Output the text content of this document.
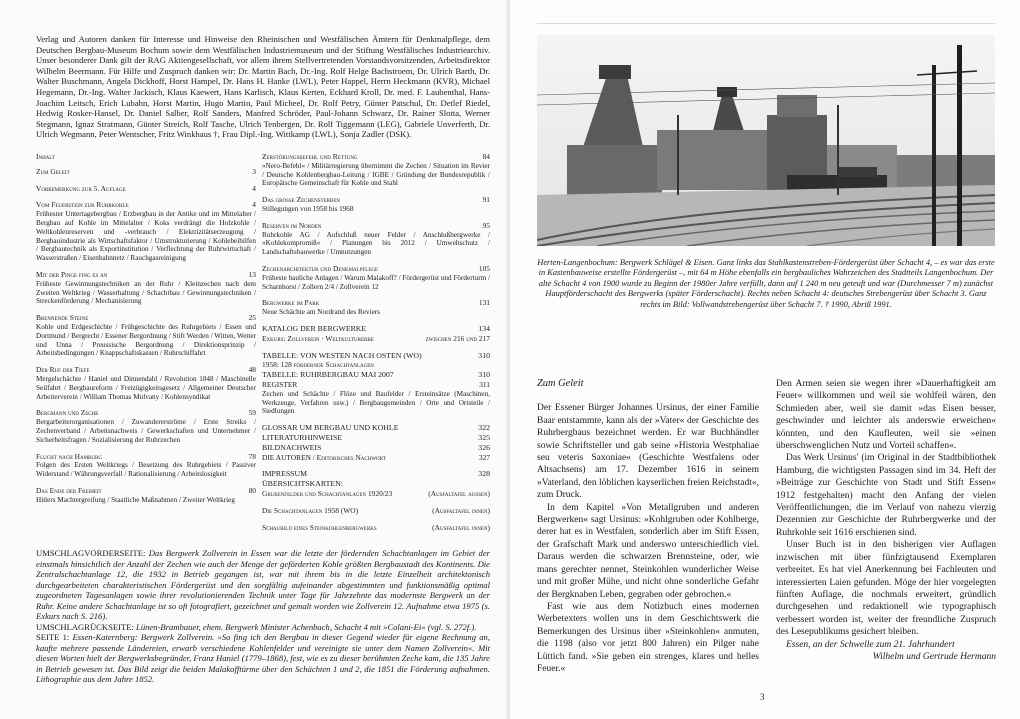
Verlag und Autoren danken für Interesse und Hinweise den Rheinischen und Westfälischen Ämtern für Denkmalpflege, dem Deutschen Bergbau-Museum Bochum sowie dem Westfälischen Industriemuseum und der Stiftung Westfälisches Industriearchiv. Unser besonderer Dank gilt der RAG Aktiengesellschaft, vor allem ihrem Stellvertretenden Vorstandsvorsitzenden, Arbeitsdirektor Wilhelm Beermann. Für Hilfe und Zuspruch danken wir: Dr. Martin Bach, Dr.-Ing. Rolf Helge Bachstroem, Dr. Ulrich Barth, Dr. Walter Buschmann, Angela Dickhoff, Horst Hampel, Dr. Hans H. Hanke (LWL), Peter Happel, Herrn Heckmann (KVR), Michael Hegemann, Dr.-Ing. Walter Jackisch, Klaus Kaewert, Hans Karlisch, Klaus Kerten, Eckhard Kroll, Dr. med. F. Laubenthal, Hans-Joachim Leitsch, Erich Lubahn, Horst Martin, Hugo Martin, Paul Micheel, Dr. Rolf Petry, Günter Patschul, Dr. Detlef Riedel, Hedwig Rosker-Hansel, Dr. Daniel Salber, Rolf Sanders, Manfred Schröder, Paul-Johann Schwarz, Dr. Rainer Slotta, Werner Stegmann, Ignaz Stratmann, Günter Streich, Rolf Tasche, Ulrich Tenbergen, Dr. Rolf Tiggemann (LEG), Gabriele Unverferth, Dr. Ulrich Wegmann, Peter Wentscher, Fritz Winkhaus †, Frau Dipl.-Ing. Wittkamp (LWL), Sonja Zadler (DSK).
Inhalt
Zum Geleit	3
Vorbemerkung zur 5. Auflage	4
Vom Feuerstein zur Ruhrkohle	4
Frühester Untertagebergbau / Erzbergbau in der Antike und im Mittelalter / Bergbau auf Kohle im Mittelalter / Koks verdrängt die Holzkohle / Weltkohlenreserven und -verbrauch / Elektrizitätserzeugung / Bergbauindustrie als Wirtschaftsfaktor / Umstrukturierung / Kohlebeihilfen / Bergbautechnik als Exportinstitution / Verflechtung der Ruhrwirtschaft / Wasserstraßen / Eisenbahnnetz / Rauchgasreinigung
Mit der Pinge fing es an	13
Früheste Gewinnungstechniken an der Ruhr / Kleinzechen nach dem Zweiten Weltkrieg / Wasserhaltung / Schachtbau / Gewinnungstechniken / Streckenförderung / Mechanisierung
Brennende Steine	25
Kohle und Erdgeschichte / Frühgeschichte des Ruhrgebiets / Essen und Dortmund / Bergrecht / Essener Bergordnung / Stift Werden / Witten, Wetter und Unna / Preussische Bergordnung / Direktionsprinzip / Arbeitsbedingungen / Knappschaftskassen / Ruhrschiffahrt
Der Ruf der Tiefe	48
Mergelschächte / Haniel und Dinnendahl / Revolution 1848 / Maschinelle Seilfahrt / Bergbaureform / Freizügigkeitsgesetz / Allgemeiner Deutscher Arbeiterverein / William Thomas Mulvany / Kohlensyndikat
Bergmann und Zeche	59
Bergarbeiterorganisationen / Zuwandererströme / Erste Streiks / Zechenverband / Arbeitsnachweis / Gewerkschaften und Unternehmer / Sicherheitsfragen / Sozialisierung der Ruhrzechen
Flucht nach Hamburg	78
Folgen des Ersten Weltkriegs / Besetzung des Ruhrgebiets / Passiver Widerstand / Währungsverfall / Rationalisierung / Arbeitslosigkeit
Das Ende der Freiheit	80
Hitlers Machtergreifung / Staatliche Maßnahmen / Zweiter Weltkrieg
Zerstörungsbefehl und Rettung	84
»Nero-Befehl« / Militärregierung übernimmt die Zechen / Situation im Revier / Deutsche Kohlenbergbau-Leitung / IGBE / Gründung der Bundesrepublik / Europäische Gemeinschaft für Kohle und Stahl
Das grosse Zechensterben	91
Stillegungen von 1958 bis 1968
Reserven im Norden	95
Ruhrkohle AG / Aufschluß neuer Felder / Anschlußbergwerke / »Kohlekompromiß« / Planungen bis 2012 / Umweltschutz / Landschaftsbauwerke / Umnutzungen
Zechenarchitektur und Denkmalpflege	105
Früheste bauliche Anlagen / Warum Malakoff? / Fördergerüst und Förderturm / Scharnhorst / Zollern 2/4 / Zollverein 12
Bergwerke im Park	131
Neue Schächte am Nordrand des Reviers
KATALOG DER BERGWERKE	134
Exkurs: Zollverein · Weltkulturerbe	zwischen 216 und 217
TABELLE: VON WESTEN NACH OSTEN (WO)	310
1958: 128 fördernde Schachtanlagen
TABELLE: RUHRBERGBAU MAI 2007	310
REGISTER	311
Zechen und Schächte / Flöze und Baufelder / Ersteinsätze (Maschinen, Werkzeuge, Verfahren usw.) / Bergbaugemeinden / Orte und Ortsteile / Siedlungen
GLOSSAR UM BERGBAU UND KOHLE	322
LITERATURHINWEISE	325
BILDNACHWEIS	326
DIE AUTOREN / Editorisches Nachwort	327
IMPRESSUM	328
ÜBERSICHTSKARTEN:
Grubenfelder und Schachtanlagen 1920/23	(Ausfaltafel außen)
Die Schachtanlagen 1958 (WO)	(Ausfaltafel innen)
Schaubild eines Steinkohlenbergwerks	(Ausfaltafel innen)
UMSCHLAGVORDERSEITE: Das Bergwerk Zollverein in Essen war die letzte der fördernden Schachtanlagen im Gebiet der einstmals hinsichtlich der Anzahl der Zechen wie auch der Menge der geförderten Kohle größten Bergbaustadt des Kontinents. Die Zentralschachtanlage 12, die 1932 in Betrieb gegangen ist, war mit ihrem bis in die letzte Einzelheit architektonisch durchgearbeiteten charakteristischen Fördergerüst und den sorgfältig aufeinander abgestimmten und funktionsmäßig optimal zugeordneten Tagesanlagen sowie ihrer revolutionierenden Technik unter Tage für Jahrzehnte das modernste Bergwerk an der Ruhr. Keine andere Schachtanlage ist so oft fotografiert, gezeichnet und gemalt worden wie Zollverein 12. Aufnahme etwa 1975 (s. Exkurs nach S. 216).
UMSCHLAGRÜCKSEITE: Lünen-Brambauer, ehem. Bergwerk Minister Achenbach, Schacht 4 mit »Colani-Ei« (vgl. S. 272f.).
SEITE 1: Essen-Katernberg: Bergwerk Zollverein. »So fing ich den Bergbau in dieser Gegend wieder für eigene Rechnung an, kaufte mehrere passende Ländereien, erwarb verschiedene Kohlenfelder und vereinigte sie unter dem Namen Zollverein«. Mit diesen Worten hielt der Bergwerksbegründer, Franz Haniel (1779–1868), fest, wie es zu dieser berühmten Zeche kam, die 135 Jahre in Betrieb gewesen ist. Das Bild zeigt die beiden Malakofftürme über den Schächten 1 und 2, die 1851 die Förderung aufnahmen. Lithographie aus dem Jahre 1852.
Herten-Langenbochum: Bergwerk Schlägel & Eisen. Ganz links das Stahlkastenstreben-Fördergerüst über Schacht 4, – es war das erste in Kastenbauweise erstellte Fördergerüst –, mit 64 m Höhe ebenfalls ein bergbauliches Wahrzeichen des Stadtteils Langenbochum. Der alte Schacht 4 von 1900 wurde zu Beginn der 1980er Jahre verfüllt, dann auf 1 240 m neu geteuft und war (Durchmesser 7 m) zunächst Hauptförderschacht des Bergwerks (später Förderschacht). Rechts neben Schacht 4: deutsches Strebengerüst über Schacht 3. Ganz rechts im Bild: Vollwandstrebengerüst über Schacht 7. † 1990, Abriß 1991.
Zum Geleit

Der Essener Bürger Johannes Ursinus, der einer Familie Baar entstammte, kann als der »Vater« der Geschichte des Ruhrbergbaus bezeichnet werden. Er war Buchhändler sowie Schriftsteller und gab seine »Historia Westphaliae seu veteris Saxoniae« (Geschichte Westfalens oder Altsachsens) am 17. Dezember 1616 in seinem »Vaterland, den löblichen kayserlichen freien Reichstadt«, zum Druck.

In dem Kapitel »Von Metallgruben und anderen Bergwerken« sagt Ursinus: »Kohlgruben oder Kohlberge, derer hat es in Westfalen, sonderlich aber im Stift Essen, der Grafschaft Mark und anderswo unterschiedlich viel. Daraus werden die schwarzen Brennsteine, oder, wie mans gerechter nennet, Steinkohlen wunderlicher Weise und mit großer Mühe, und nicht ohne sonderliche Gefahr der Bergknaben Leben, gegraben oder gebrochen.«

Fast wie aus dem Notizbuch eines modernen Werbetexters wollen uns in dem Geschichtswerk die Bemerkungen des Ursinus über »Steinkohlen« anmuten, die 1198 (also vor jetzt 800 Jahren) ein Pilger nahe Lüttich fand. »Sie geben ein strenges, klares und helles Feuer.«

Den Armen seien sie wegen ihrer »Dauerhaftigkeit am Feuer« willkommen und weil sie wohlfeil wären, den Schmieden aber, weil sie damit »das Eisen besser, geschwinder und leichter als anderswie erweichen« könnten, und den Kaufleuten, weil sie »einen überschwenglichen Nutz und Vorteil schaffen«.

Das Werk Ursinus' (im Original in der Stadtbibliothek Hamburg, die wichtigsten Passagen sind im 34. Heft der »Beiträge zur Geschichte von Stadt und Stift Essen« 1912 festgehalten) macht den Anfang der vielen Veröffentlichungen, die im Verlauf von nahezu vierzig Dezennien zur Geschichte der Ruhrbergwerke und der Ruhrkohle seit 1616 erschienen sind.

Unser Buch ist in den bisherigen vier Auflagen inzwischen mit über fünfzigtausend Exemplaren verbreitet. Es hat viel Anerkennung bei Fachleuten und interessierten Laien gefunden. Möge der hier vorgelegten fünften Auflage, die nochmals erweitert, gründlich durchgesehen und redaktionell wie typographisch verbessert worden ist, weiter der freundliche Zuspruch des Lesepublikums gesichert bleiben.

Essen, an der Schwelle zum 21. Jahrhundert

Wilhelm und Gertrude Hermann
3
